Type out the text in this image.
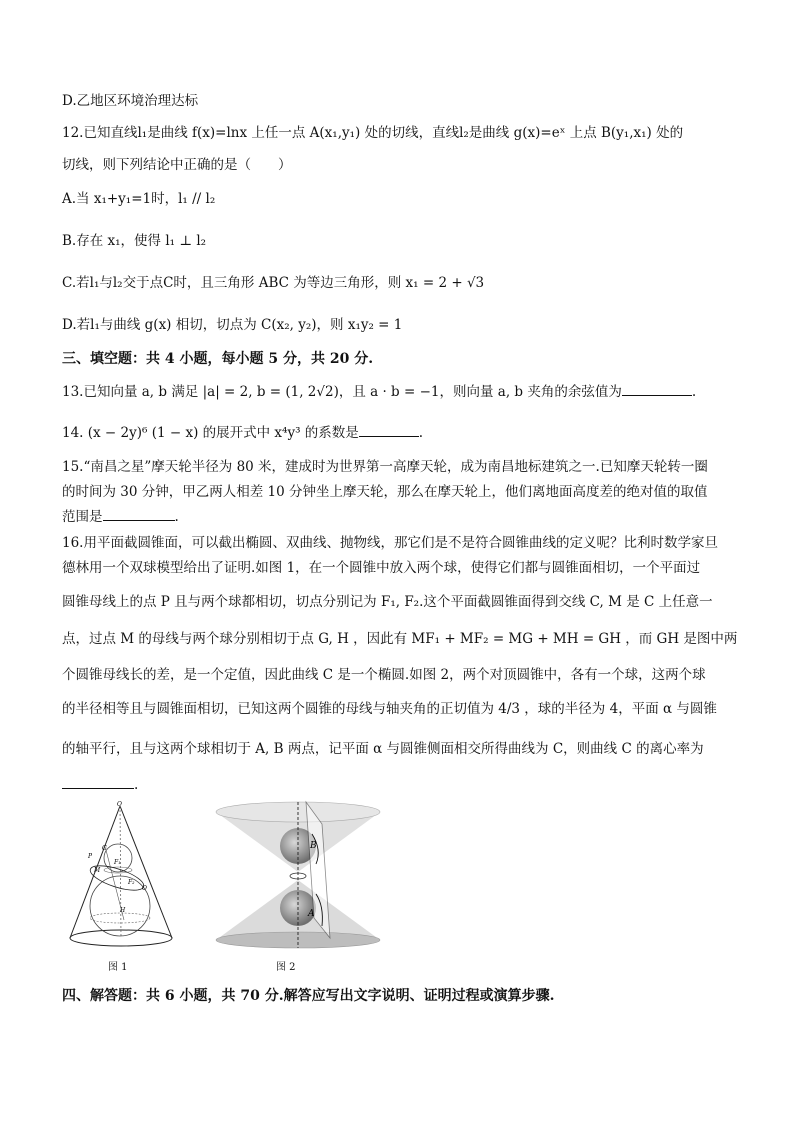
D.乙地区环境治理达标
12.已知直线l₁是曲线 f(x)=lnx 上任一点 A(x₁,y₁) 处的切线，直线l₂是曲线 g(x)=eˣ 上点 B(y₁,x₁) 处的
切线，则下列结论中正确的是（　　）
A.当 x₁+y₁=1时，l₁ // l₂
B.存在 x₁，使得 l₁ ⊥ l₂
C.若l₁与l₂交于点C时，且三角形 ABC 为等边三角形，则 x₁ = 2 + √3
D.若l₁与曲线 g(x) 相切，切点为 C(x₂, y₂)，则 x₁y₂ = 1
三、填空题：共 4 小题，每小题 5 分，共 20 分.
13.已知向量 a, b 满足 |a| = 2, b = (1, 2√2)，且 a · b = −1，则向量 a, b 夹角的余弦值为	.
14. (x − 2y)⁶ (1 − x) 的展开式中 x⁴y³ 的系数是	.
15.“南昌之星”摩天轮半径为 80 米，建成时为世界第一高摩天轮，成为南昌地标建筑之一.已知摩天轮转一圈
的时间为 30 分钟，甲乙两人相差 10 分钟坐上摩天轮，那么在摩天轮上，他们离地面高度差的绝对值的取值
范围是	.
16.用平面截圆锥面，可以截出椭圆、双曲线、抛物线，那它们是不是符合圆锥曲线的定义呢？比利时数学家旦
德林用一个双球模型给出了证明.如图 1，在一个圆锥中放入两个球，使得它们都与圆锥面相切，一个平面过
圆锥母线上的点 P 且与两个球都相切，切点分别记为 F₁, F₂.这个平面截圆锥面得到交线 C, M 是 C 上任意一
点，过点 M 的母线与两个球分别相切于点 G, H ，因此有 MF₁ + MF₂ = MG + MH = GH ，而 GH 是图中两
个圆锥母线长的差，是一个定值，因此曲线 C 是一个椭圆.如图 2，两个对顶圆锥中，各有一个球，这两个球
的半径相等且与圆锥面相切，已知这两个圆锥的母线与轴夹角的正切值为 4/3 ，球的半径为 4，平面 α 与圆锥
的轴平行，且与这两个球相切于 A, B 两点，记平面 α 与圆锥侧面相交所得曲线为 C，则曲线 C 的离心率为
.
O
P
G
M
F₁
F₂
H
O
图 1
B
A
图 2
四、解答题：共 6 小题，共 70 分.解答应写出文字说明、证明过程或演算步骤.
